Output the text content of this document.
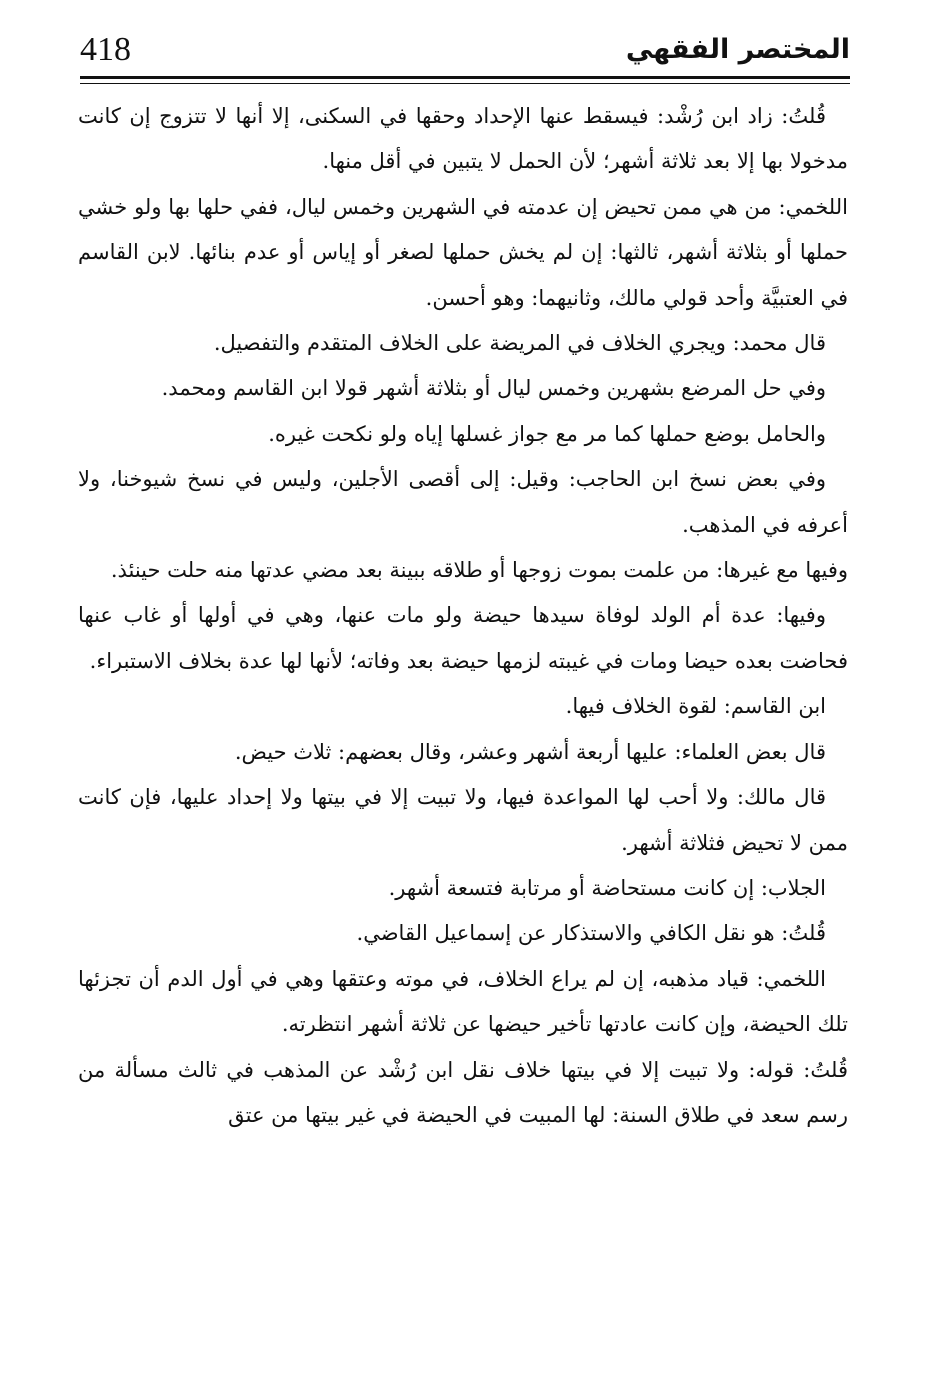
418	المختصر الفقهي

قُلتُ: زاد ابن رُشْد: فيسقط عنها الإحداد وحقها في السكنى، إلا أنها لا تتزوج إن كانت مدخولا بها إلا بعد ثلاثة أشهر؛ لأن الحمل لا يتبين في أقل منها.

اللخمي: من هي ممن تحيض إن عدمته في الشهرين وخمس ليال، ففي حلها بها ولو خشي حملها أو بثلاثة أشهر، ثالثها: إن لم يخش حملها لصغر أو إياس أو عدم بنائها. لابن القاسم في العتبيَّة وأحد قولي مالك، وثانيهما: وهو أحسن.

قال محمد: ويجري الخلاف في المريضة على الخلاف المتقدم والتفصيل.

وفي حل المرضع بشهرين وخمس ليال أو بثلاثة أشهر قولا ابن القاسم ومحمد.

والحامل بوضع حملها كما مر مع جواز غسلها إياه ولو نكحت غيره.

وفي بعض نسخ ابن الحاجب: وقيل: إلى أقصى الأجلين، وليس في نسخ شيوخنا، ولا أعرفه في المذهب.

وفيها مع غيرها: من علمت بموت زوجها أو طلاقه ببينة بعد مضي عدتها منه حلت حينئذ.

وفيها: عدة أم الولد لوفاة سيدها حيضة ولو مات عنها، وهي في أولها أو غاب عنها فحاضت بعده حيضا ومات في غيبته لزمها حيضة بعد وفاته؛ لأنها لها عدة بخلاف الاستبراء.

ابن القاسم: لقوة الخلاف فيها.

قال بعض العلماء: عليها أربعة أشهر وعشر، وقال بعضهم: ثلاث حيض.

قال مالك: ولا أحب لها المواعدة فيها، ولا تبيت إلا في بيتها ولا إحداد عليها، فإن كانت ممن لا تحيض فثلاثة أشهر.

الجلاب: إن كانت مستحاضة أو مرتابة فتسعة أشهر.

قُلتُ: هو نقل الكافي والاستذكار عن إسماعيل القاضي.

اللخمي: قياد مذهبه، إن لم يراع الخلاف، في موته وعتقها وهي في أول الدم أن تجزئها تلك الحيضة، وإن كانت عادتها تأخير حيضها عن ثلاثة أشهر انتظرته.

قُلتُ: قوله: ولا تبيت إلا في بيتها خلاف نقل ابن رُشْد عن المذهب في ثالث مسألة من رسم سعد في طلاق السنة: لها المبيت في الحيضة في غير بيتها من عتق
